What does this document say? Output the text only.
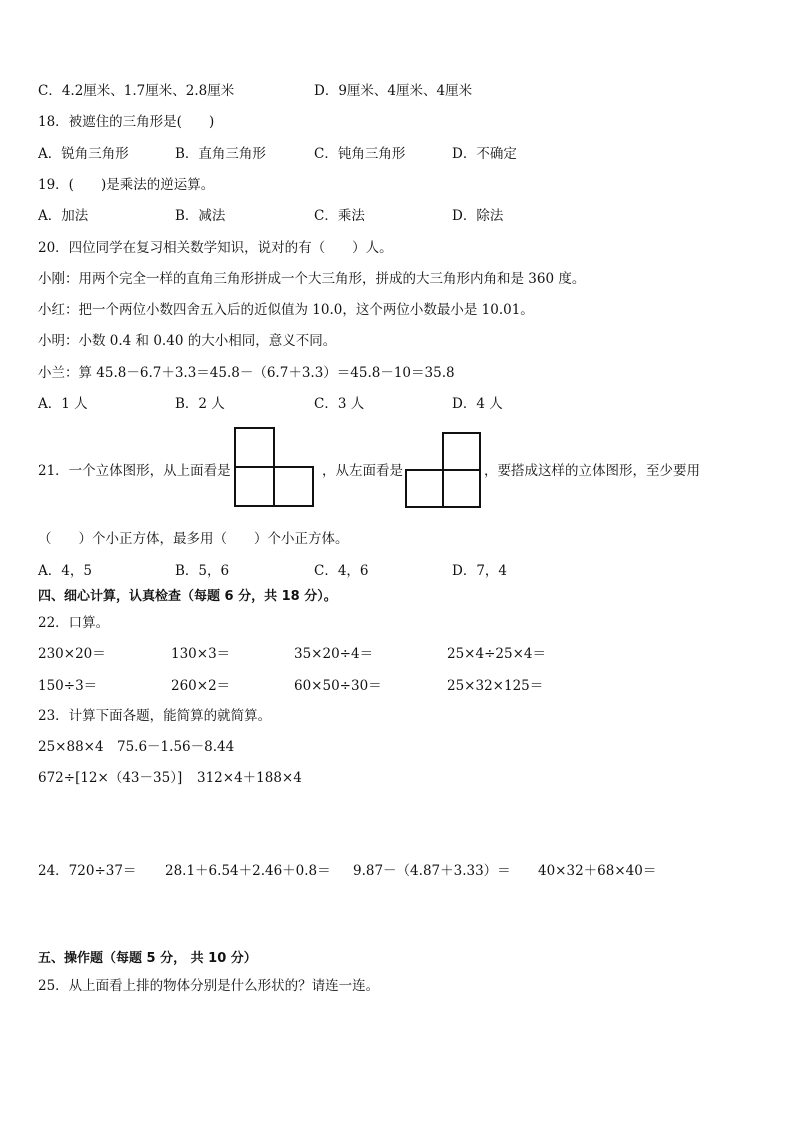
C．4.2厘米、1.7厘米、2.8厘米	D．9厘米、4厘米、4厘米
18．被遮住的三角形是(　　)
A．锐角三角形	B．直角三角形	C．钝角三角形	D．不确定
19．(　　)是乘法的逆运算。
A．加法	B．减法	C．乘法	D．除法
20．四位同学在复习相关数学知识，说对的有（　　）人。
小刚：用两个完全一样的直角三角形拼成一个大三角形，拼成的大三角形内角和是 360 度。
小红：把一个两位小数四舍五入后的近似值为 10.0，这个两位小数最小是 10.01。
小明：小数 0.4 和 0.40 的大小相同，意义不同。
小兰：算 45.8－6.7＋3.3＝45.8－（6.7＋3.3）＝45.8－10＝35.8
A．1 人	B．2 人	C．3 人	D．4 人
21．一个立体图形，从上面看是	，从左面看是	，要搭成这样的立体图形，至少要用
（　　）个小正方体，最多用（　　）个小正方体。
A．4，5	B．5，6	C．4，6	D．7，4
四、细心计算，认真检查（每题 6 分，共 18 分）。
22．口算。
230×20＝	130×3＝	35×20÷4＝	25×4÷25×4＝
150÷3＝	260×2＝	60×50÷30＝	25×32×125＝
23．计算下面各题，能简算的就简算。
25×88×4 75.6－1.56－8.44
672÷[12×（43－35）] 312×4＋188×4
24．720÷37＝ 28.1＋6.54＋2.46＋0.8＝ 9.87－（4.87＋3.33）＝ 40×32＋68×40＝
五、操作题（每题 5 分， 共 10 分）
25．从上面看上排的物体分别是什么形状的？请连一连。
